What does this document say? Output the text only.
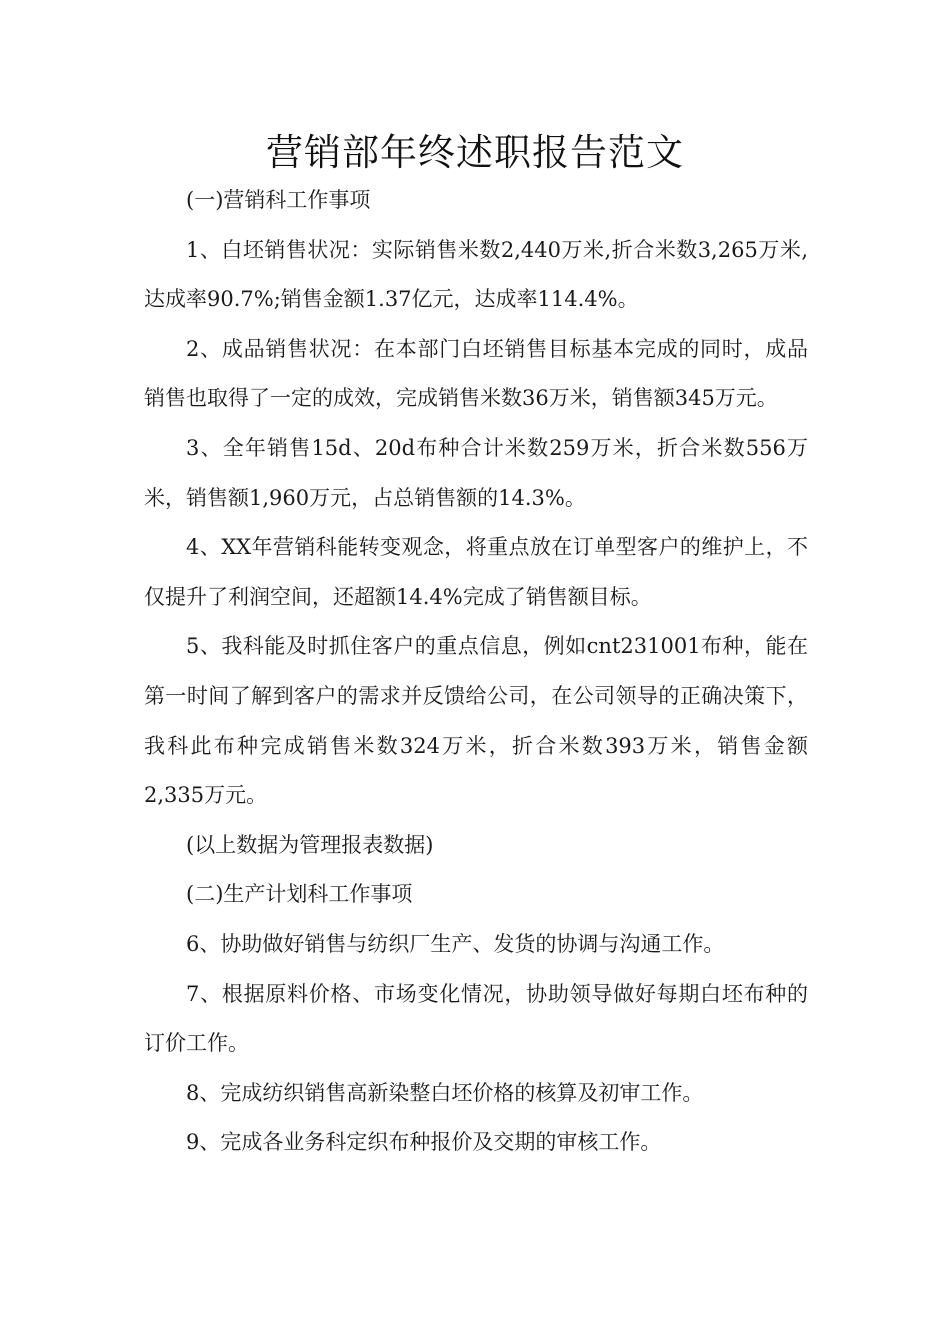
营销部年终述职报告范文

(一)营销科工作事项

1、白坯销售状况：实际销售米数2,440万米,折合米数3,265万米,达成率90.7%;销售金额1.37亿元，达成率114.4%。

2、成品销售状况：在本部门白坯销售目标基本完成的同时，成品销售也取得了一定的成效，完成销售米数36万米，销售额345万元。

3、全年销售15d、20d布种合计米数259万米，折合米数556万米，销售额1,960万元，占总销售额的14.3%。

4、XX年营销科能转变观念，将重点放在订单型客户的维护上，不仅提升了利润空间，还超额14.4%完成了销售额目标。

5、我科能及时抓住客户的重点信息，例如cnt231001布种，能在第一时间了解到客户的需求并反馈给公司，在公司领导的正确决策下，我科此布种完成销售米数324万米，折合米数393万米，销售金额2,335万元。

(以上数据为管理报表数据)

(二)生产计划科工作事项

6、协助做好销售与纺织厂生产、发货的协调与沟通工作。

7、根据原料价格、市场变化情况，协助领导做好每期白坯布种的订价工作。

8、完成纺织销售高新染整白坯价格的核算及初审工作。

9、完成各业务科定织布种报价及交期的审核工作。
